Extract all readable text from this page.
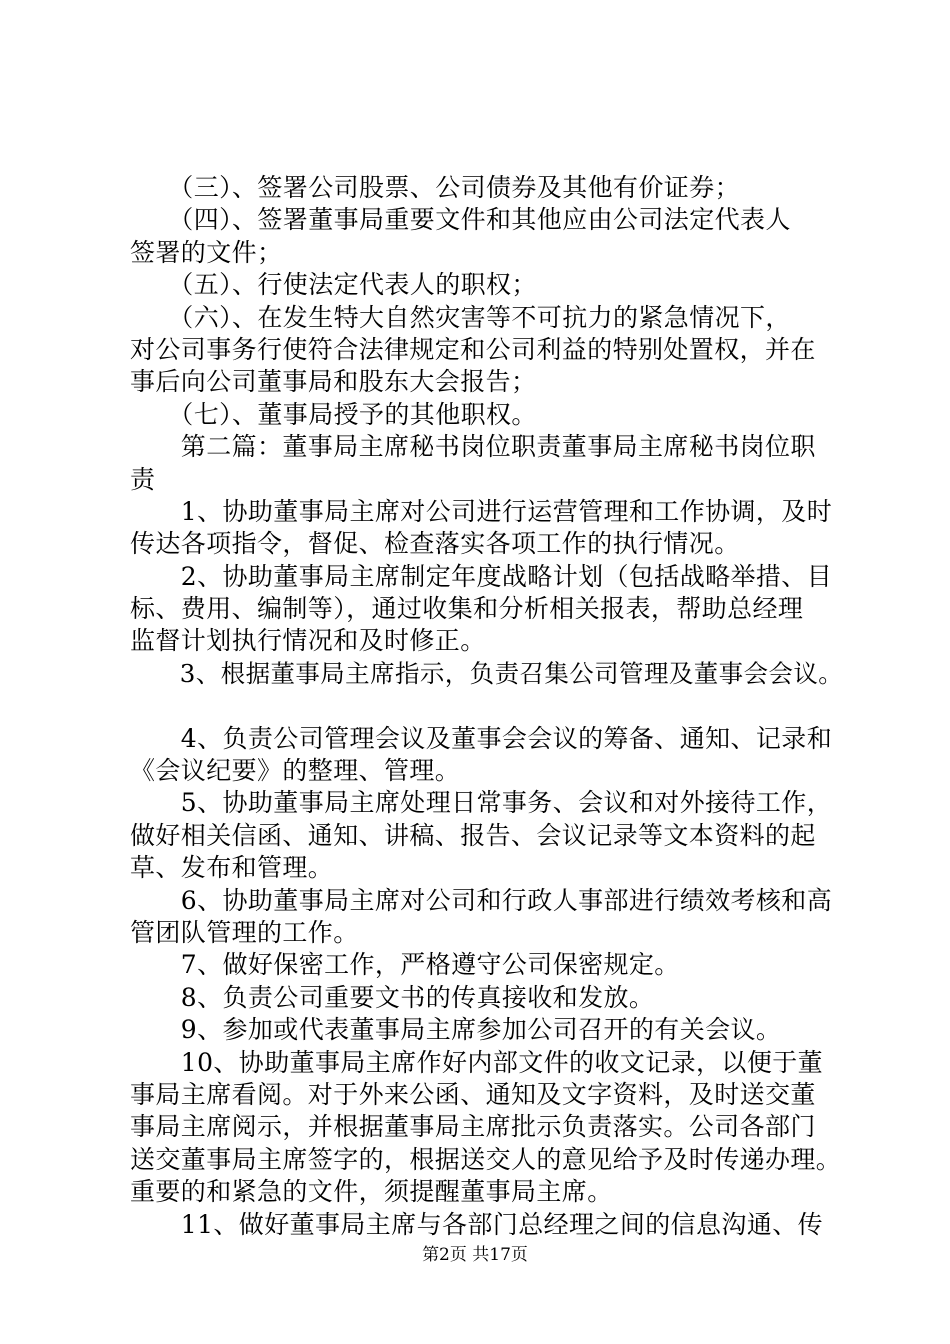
　　（三）、签署公司股票、公司债券及其他有价证券；
　　（四）、签署董事局重要文件和其他应由公司法定代表人
签署的文件；
　　（五）、行使法定代表人的职权；
　　（六）、在发生特大自然灾害等不可抗力的紧急情况下，
对公司事务行使符合法律规定和公司利益的特别处置权，并在
事后向公司董事局和股东大会报告；
　　（七）、董事局授予的其他职权。
　　第二篇：董事局主席秘书岗位职责董事局主席秘书岗位职
责
　　1、协助董事局主席对公司进行运营管理和工作协调，及时
传达各项指令，督促、检查落实各项工作的执行情况。
　　2、协助董事局主席制定年度战略计划（包括战略举措、目
标、费用、编制等），通过收集和分析相关报表，帮助总经理
监督计划执行情况和及时修正。
　　3、根据董事局主席指示，负责召集公司管理及董事会会议。
　　4、负责公司管理会议及董事会会议的筹备、通知、记录和
《会议纪要》的整理、管理。
　　5、协助董事局主席处理日常事务、会议和对外接待工作，
做好相关信函、通知、讲稿、报告、会议记录等文本资料的起
草、发布和管理。
　　6、协助董事局主席对公司和行政人事部进行绩效考核和高
管团队管理的工作。
　　7、做好保密工作，严格遵守公司保密规定。
　　8、负责公司重要文书的传真接收和发放。
　　9、参加或代表董事局主席参加公司召开的有关会议。
　　10、协助董事局主席作好内部文件的收文记录，以便于董
事局主席看阅。对于外来公函、通知及文字资料，及时送交董
事局主席阅示，并根据董事局主席批示负责落实。公司各部门
送交董事局主席签字的，根据送交人的意见给予及时传递办理。
重要的和紧急的文件，须提醒董事局主席。
　　11、做好董事局主席与各部门总经理之间的信息沟通、传
第2页 共17页
